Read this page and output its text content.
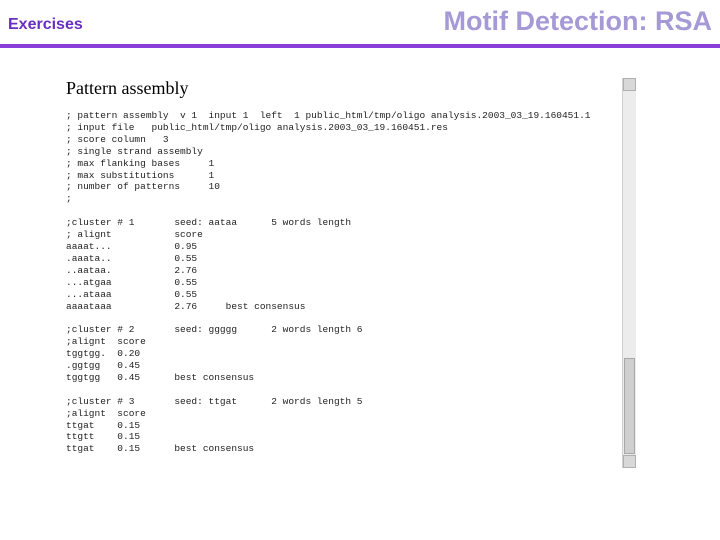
Exercises	Motif Detection: RSA
Pattern assembly
; pattern assembly  v 1  input 1  left  1 public_html/tmp/oligo analysis.2003_03_19.160451.1
; input file   public_html/tmp/oligo analysis.2003_03_19.160451.res
; score column   3
; single strand assembly
; max flanking bases     1
; max substitutions      1
; number of patterns     10
;

;cluster # 1       seed: aataa      5 words length
; alignt           score
aaaat...           0.95
.aaata..           0.55
..aataa.           2.76
...atgaa           0.55
...ataaa           0.55
aaaataaa           2.76     best consensus

;cluster # 2       seed: ggggg      2 words length 6
;alignt  score
tggtgg.  0.20
.ggtgg   0.45
tggtgg   0.45      best consensus

;cluster # 3       seed: ttgat      2 words length 5
;alignt  score
ttgat    0.15
ttgtt    0.15
ttgat    0.15      best consensus
